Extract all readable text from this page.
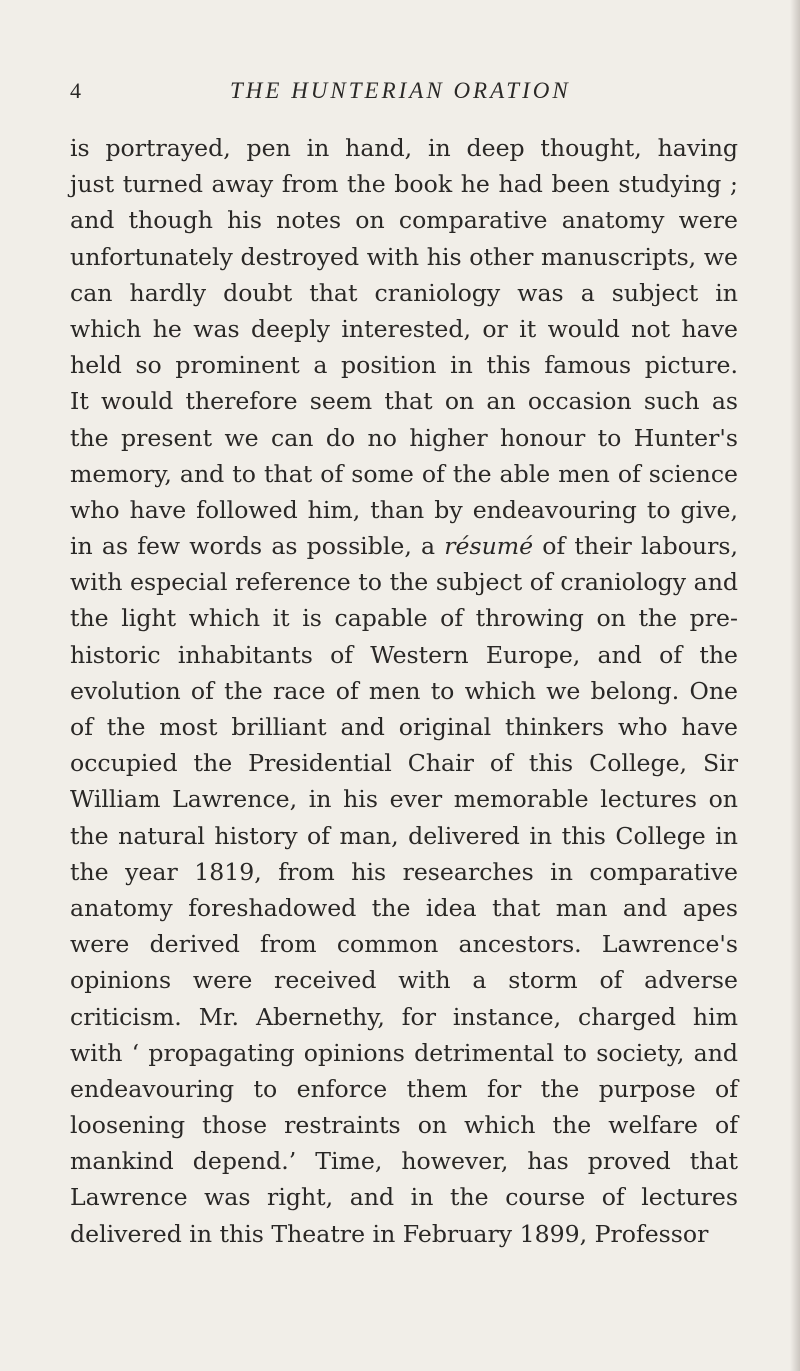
4	THE HUNTERIAN ORATION
is portrayed, pen in hand, in deep thought, having
just turned away from the book he had been studying ;
and though his notes on comparative anatomy were
unfortunately destroyed with his other manuscripts, we
can hardly doubt that craniology was a subject in
which he was deeply interested, or it would not have
held so prominent a position in this famous picture.
It would therefore seem that on an occasion such as
the present we can do no higher honour to Hunter's
memory, and to that of some of the able men of science
who have followed him, than by endeavouring to give,
in as few words as possible, a résumé of their labours,
with especial reference to the subject of craniology and
the light which it is capable of throwing on the pre-
historic inhabitants of Western Europe, and of the
evolution of the race of men to which we belong. One
of the most brilliant and original thinkers who have
occupied the Presidential Chair of this College, Sir
William Lawrence, in his ever memorable lectures on
the natural history of man, delivered in this College in
the year 1819, from his researches in comparative
anatomy foreshadowed the idea that man and apes
were derived from common ancestors. Lawrence's
opinions were received with a storm of adverse
criticism. Mr. Abernethy, for instance, charged him
with ‘ propagating opinions detrimental to society, and
endeavouring to enforce them for the purpose of
loosening those restraints on which the welfare of
mankind depend.’ Time, however, has proved that
Lawrence was right, and in the course of lectures
delivered in this Theatre in February 1899, Professor
